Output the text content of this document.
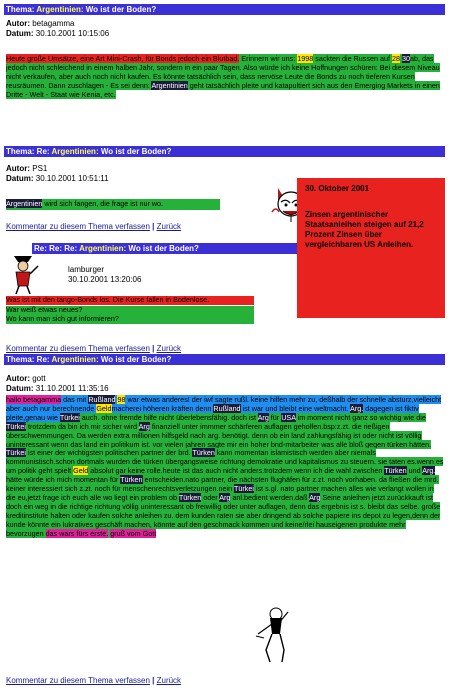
Thema: Argentinien: Wo ist der Boden?
Autor: betagamma
Datum: 30.10.2001 10:15:06
Heute große Umsätze, eine Art Mini-Crash, für Bonds jedoch ein Blutbad. Erinnern wir uns: 1998 sackten die Russen auf 28 30ab, das jedoch nicht schleichend in einem halben Jahr, sondern in ein paar Tagen. Also würde ich keine Hoffnungen schüren: Bei diesem Niveau nicht verkaufen, aber auch noch nicht kaufen. Es könnte tatsächlich sein, dass nervöse Leute die Bonds zu noch tieferen Kursen reusräumen. Dann zuschlagen - Es sei denn: Argentinien geht tatsächlich pleite und katapultiert sich aus den Emerging Markets in einen Dritte - Welt - Staat wie Kenia, etc.
Thema: Re: Argentinien: Wo ist der Boden?
Autor: PS1
Datum: 30.10.2001 10:51:11
Argentinien wird sich fangen, die frage ist nur wo.
Kommentar zu diesem Thema verfassen | Zurück
Re: Re: Re: Argentinien: Wo ist der Boden?
lamburger
30.10.2001 13:20:06
Was ist mit den tango-Bonds los. Die Kurse fallen in Bodenlose.
War weiß etwas neues?
Wo kann man sich gut informieren?
Kommentar zu diesem Thema verfassen | Zurück
30. Oktober 2001
Zinsen argentinischer Staatsanleihen steigen auf 21,2 Prozent Zinsen über vergleichbaren US Anleihen.
Thema: Re: Argentinien: Wo ist der Boden?
Autor: gott
Datum: 31.10.2001 11:35:16
hallo betagamma das mit Rußland 98 war etwas anderes! der iwf sagte rußl. keine hilfen mehr zu, deßhalb der schnelle absturz,vielleicht aber auch nur berechnende Geldmacherei höheren kräften denn Rußland ist war und bleibt eine weltmacht. Arg. dagegen ist fiktiv pleite,genau wie Türkei auch. ohne fremde hilfe nicht überlebensfähig. doch ist Arg für USA im moment nicht ganz so wichtig wie die Türkei trotzdem da bin ich mir sicher wird Arg finanziell unter immmer schärferen auflagen geholfen.bsp:z.zt. die rießigen überschwemmungen. Da werden extra millionen hilfsgeld nach arg. benötigt. denn ob ein land zahlungsfähig ist oder nicht ist völlig uninteressant wenn das land ein politikum ist. vor vielen jahren sagte mir ein hoher bnd-mitarbeiter was alle bloß gegen türken hätten. Türkei ist einer der wichtigsten politischen partner der brd. Türken kann momentan islamistisch werden aber niemals kommunistisch.schon dortmals wurden die türken übergangsweise richtung demokratie und kapitalismus zu steuern. sie taten es.wenn es um politik geht spielt Geld absolut gar keine rolle.heute ist das auch nicht anders.trotzdem wenn ich die wahl zwischen Türken und Arg. hätte würde ich mich momentan für Türken entscheiden.nato partner, die nächsten flughäfen für z.zt. noch vorhaben. da fließen die mrd. keiner interessiert sich z.zt. noch für menschenrechtsverletzungen.nein Türkei ist s.gl. nato partner machen alles wie verlangt wollen in die eu,jetzt frage ich euch alle wo liegt ein problem ob Türken oder Arg anl.bedient werden.daß Arg Seine anleihen jetzt zurückkauft ist doch ein weg in die richtige richtung völlig uninteressant ob freiwillig oder unter auflagen, denn das ergebnis ist s. bleibt das selbe. große kreditinstitute halten oder kaufen solche anleihen zu. dem kunden raten sie aber dringend ab solche papiere ins depot zu legen,denn der kunde könnte ein lukratives geschäft machen, könnte auf den geschmack kommen und keine/rlei hauseigenen produkte mehr bevorzugen das wars fürs erste. gruß vom Gott
Kommentar zu diesem Thema verfassen | Zurück
